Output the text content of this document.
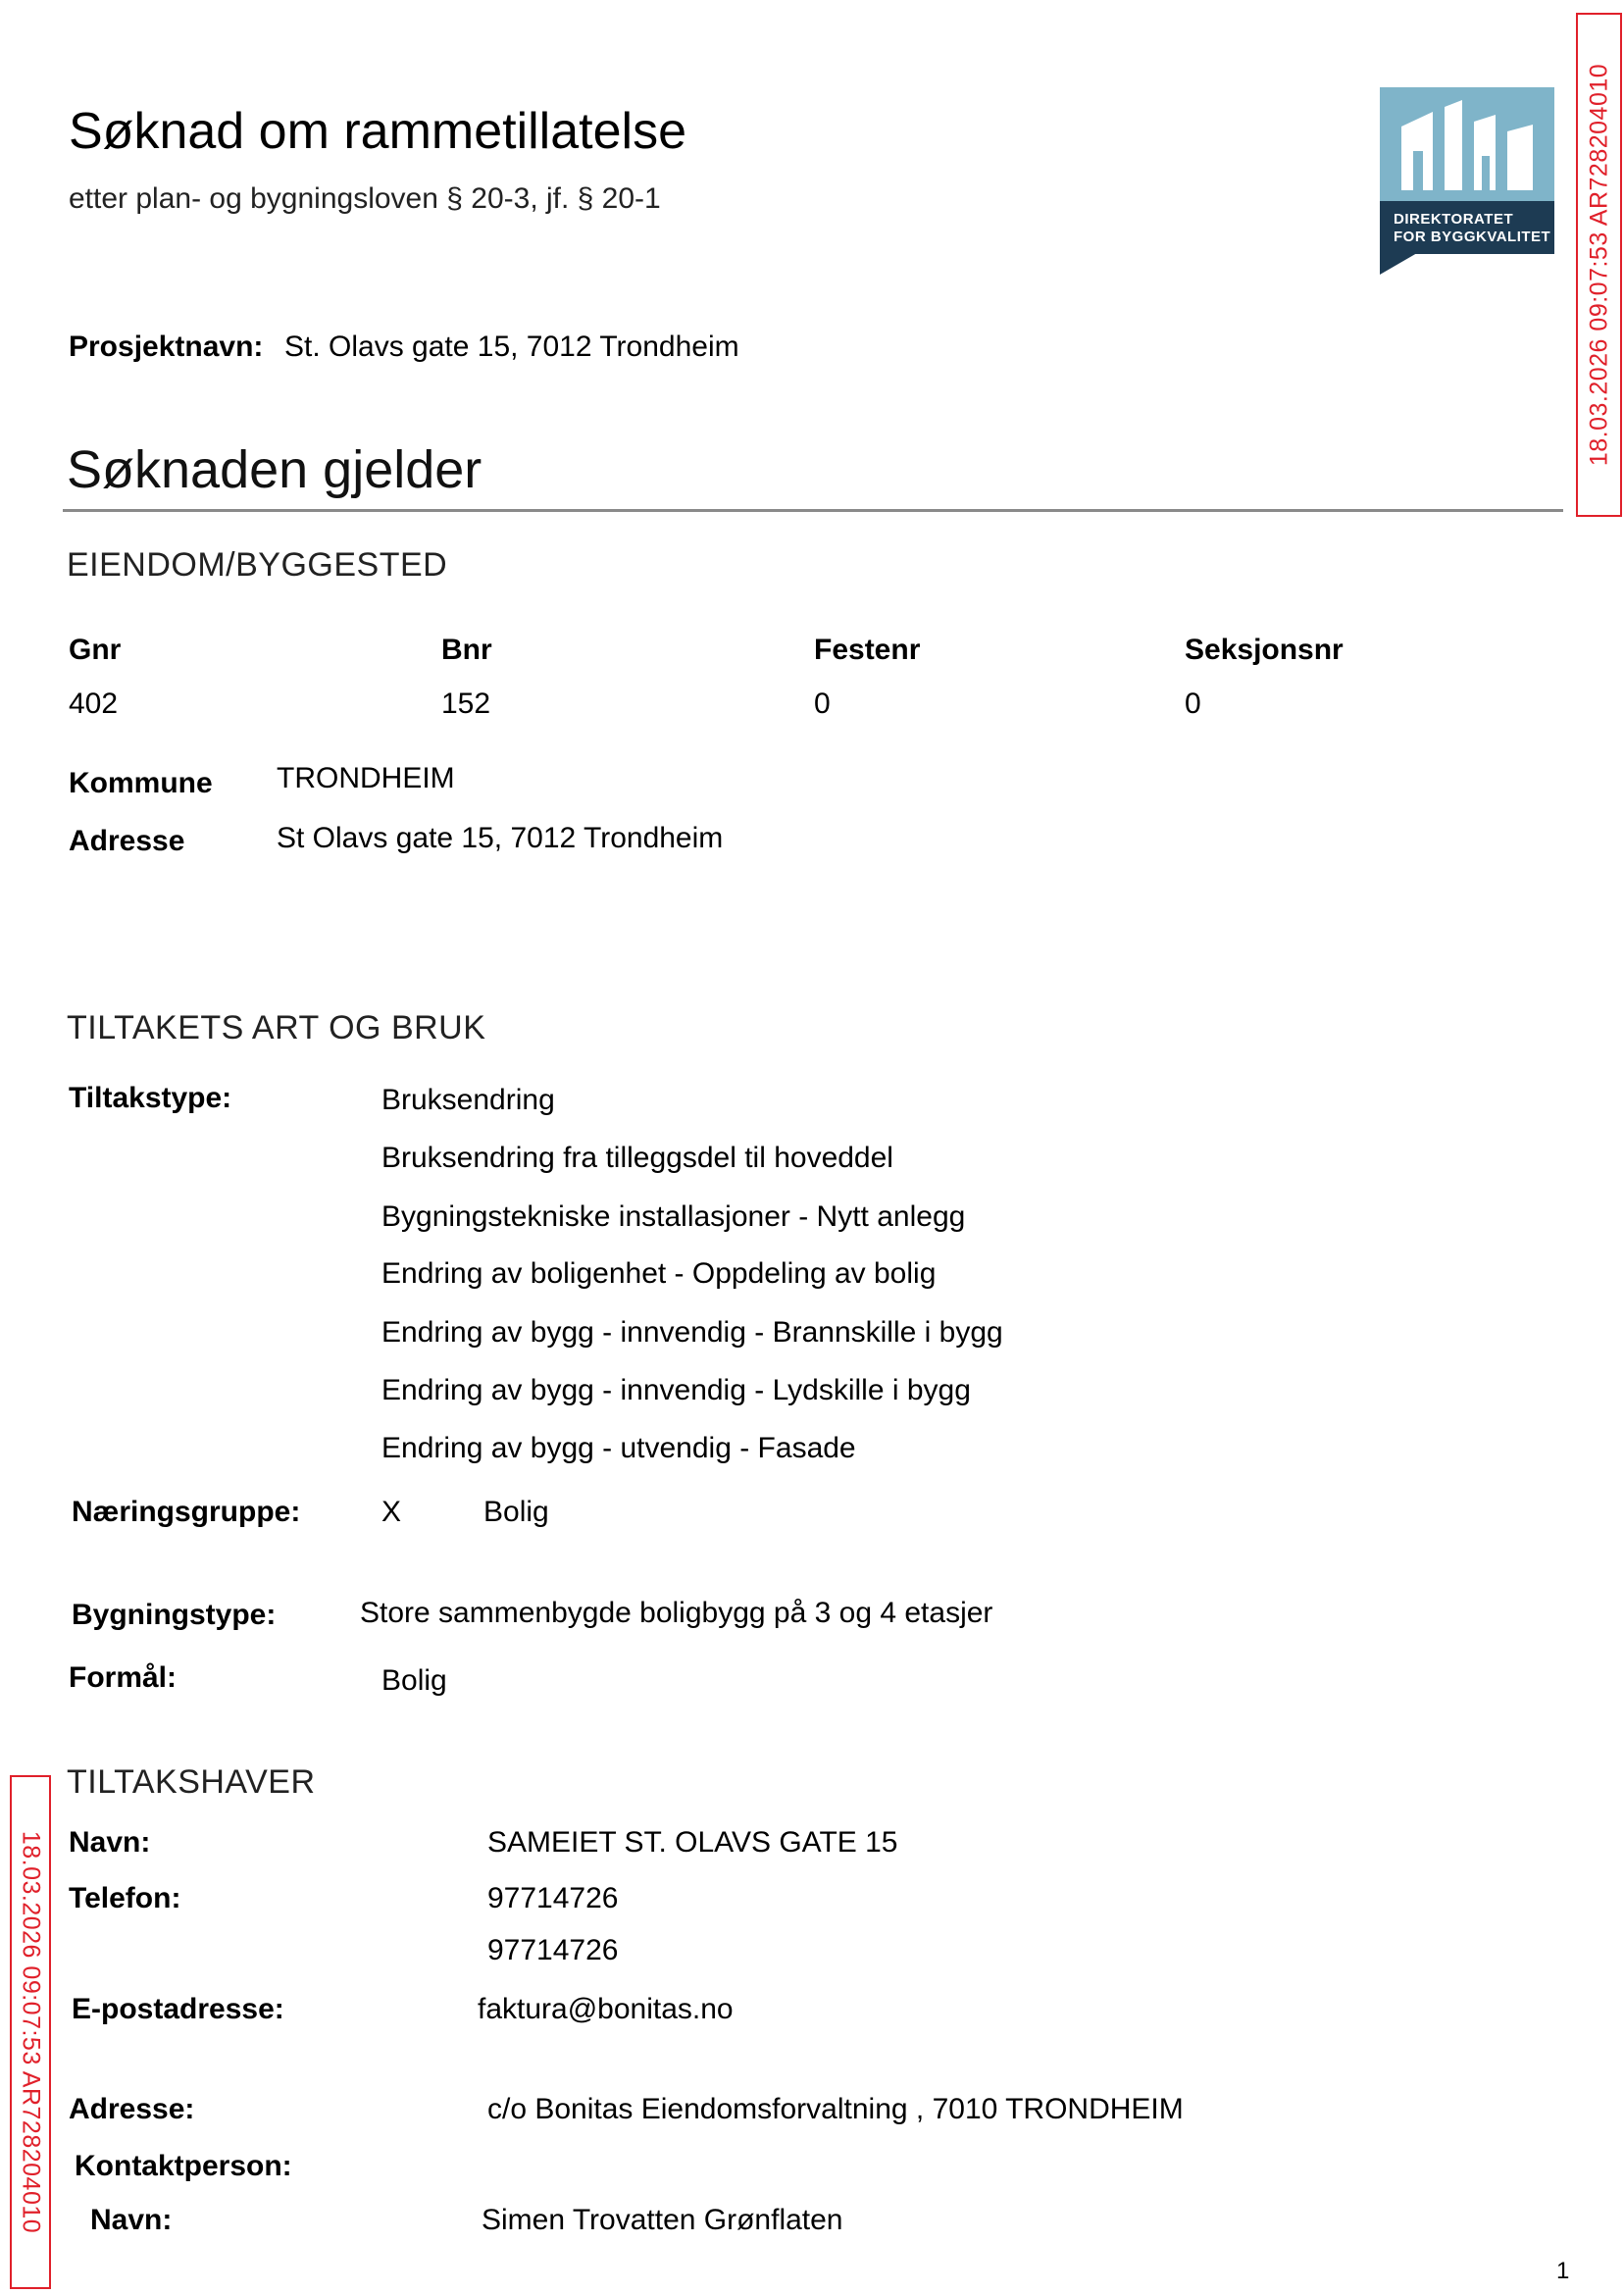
Søknad om rammetillatelse
etter plan- og bygningsloven § 20-3, jf. § 20-1
DIREKTORATET
FOR BYGGKVALITET 18.03.2026 09:07:53 AR728204010
Prosjektnavn: St. Olavs gate 15, 7012 Trondheim
Søknaden gjelder
EIENDOM/BYGGESTED
Gnr	Bnr	Festenr	Seksjonsnr
402	152	0	0
Kommune TRONDHEIM
Adresse	St Olavs gate 15, 7012 Trondheim
TILTAKETS ART OG BRUK
Tiltakstype:	Bruksendring
Bruksendring fra tilleggsdel til hoveddel
Bygningstekniske installasjoner - Nytt anlegg
Endring av boligenhet - Oppdeling av bolig
Endring av bygg - innvendig - Brannskille i bygg
Endring av bygg - innvendig - Lydskille i bygg
Endring av bygg - utvendig - Fasade
Næringsgruppe:	X	Bolig
Bygningstype:	Store sammenbygde boligbygg på 3 og 4 etasjer
Formål:	Bolig
18.03.2026 09:07:53 AR728204010
TILTAKSHAVER
Navn:	SAMEIET ST. OLAVS GATE 15
Telefon:	97714726
97714726
E-postadresse:	faktura@bonitas.no
Adresse:	c/o Bonitas Eiendomsforvaltning , 7010 TRONDHEIM
Kontaktperson:
Navn:	Simen Trovatten Grønflaten
1
